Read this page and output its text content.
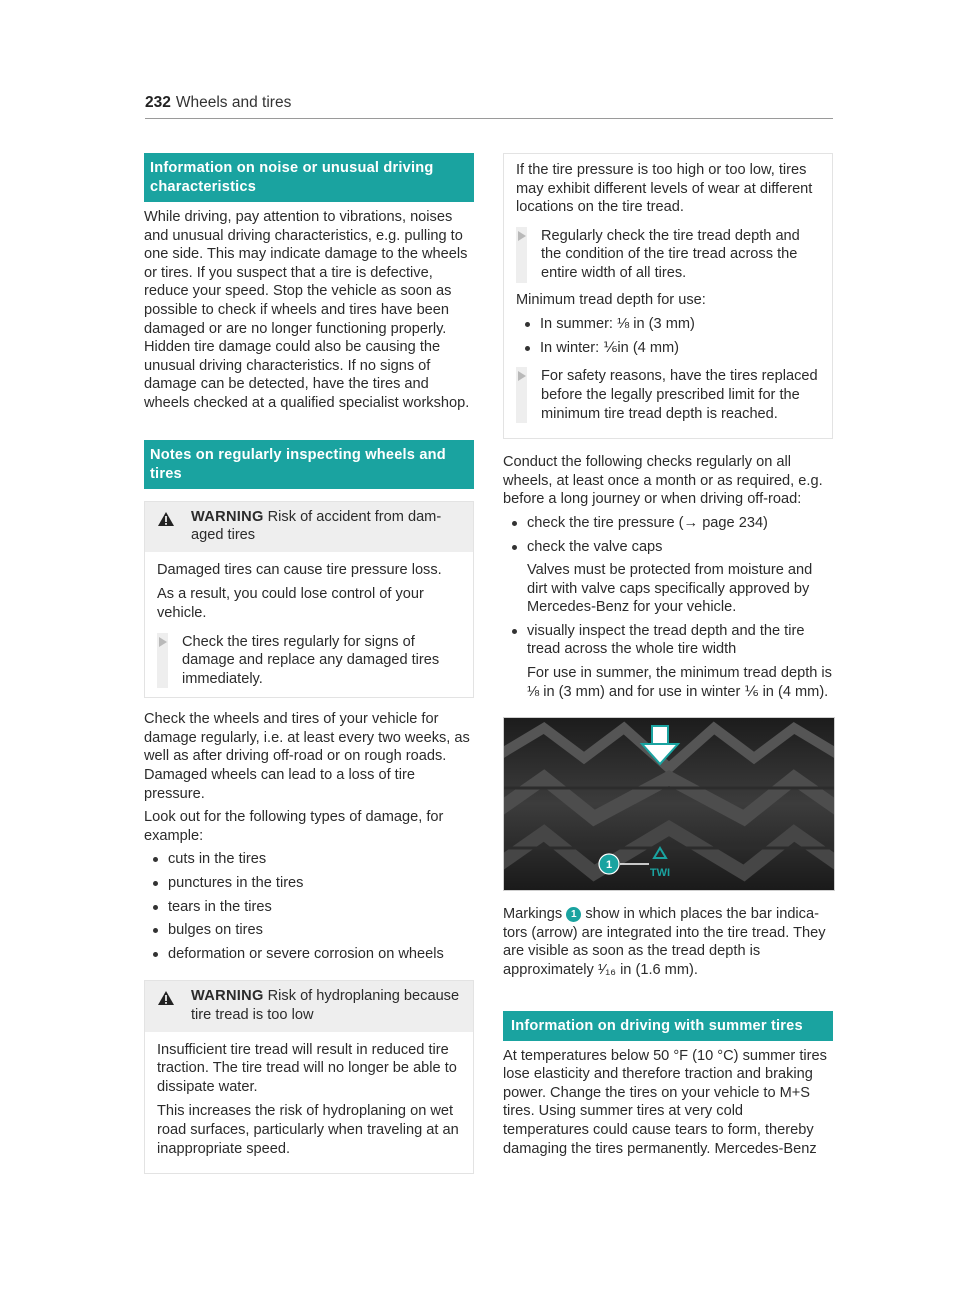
232 Wheels and tires
Information on noise or unusual driving characteristics

While driving, pay attention to vibrations, noises and unusual driving characteristics, e.g. pulling to one side. This may indicate damage to the wheels or tires. If you suspect that a tire is defective, reduce your speed. Stop the vehicle as soon as possible to check if wheels and tires have been damaged or are no longer functioning properly. Hidden tire damage could also be causing the unusual driving characteristics. If no signs of damage can be detected, have the tires and wheels checked at a qualified specialist workshop.

Notes on regularly inspecting wheels and tires
WARNING Risk of accident from damaged tires

Damaged tires can cause tire pressure loss.

As a result, you could lose control of your vehicle.

Check the tires regularly for signs of damage and replace any damaged tires immediately.

Check the wheels and tires of your vehicle for damage regularly, i.e. at least every two weeks, as well as after driving off-road or on rough roads. Damaged wheels can lead to a loss of tire pressure.

Look out for the following types of damage, for example:

cuts in the tires
punctures in the tires
tears in the tires
bulges on tires
deformation or severe corrosion on wheels
WARNING Risk of hydroplaning because tire tread is too low

Insufficient tire tread will result in reduced tire traction. The tire tread will no longer be able to dissipate water.

This increases the risk of hydroplaning on wet road surfaces, particularly when traveling at an inappropriate speed.

If the tire pressure is too high or too low, tires may exhibit different levels of wear at different locations on the tire tread.

Regularly check the tire tread depth and the condition of the tire tread across the entire width of all tires.

Minimum tread depth for use:

In summer: ⅛ in (3 mm)
In winter: ⅙in (4 mm)
For safety reasons, have the tires replaced before the legally prescribed limit for the minimum tire tread depth is reached.

Conduct the following checks regularly on all wheels, at least once a month or as required, e.g. before a long journey or when driving off-road:

check the tire pressure (→ page 234)
check the valve caps

Valves must be protected from moisture and dirt with valve caps specifically approved by Mercedes-Benz for your vehicle.

visually inspect the tread depth and the tire tread across the whole tire width

For use in summer, the minimum tread depth is ⅛ in (3 mm) and for use in winter ⅙ in (4 mm).

1
TWI

Markings 1 show in which places the bar indicators (arrow) are integrated into the tire tread. They are visible as soon as the tread depth is approximately ¹⁄₁₆ in (1.6 mm).

Information on driving with summer tires

At temperatures below 50 °F (10 °C) summer tires lose elasticity and therefore traction and braking power. Change the tires on your vehicle to M+S tires. Using summer tires at very cold temperatures could cause tears to form, thereby damaging the tires permanently. Mercedes-Benz
